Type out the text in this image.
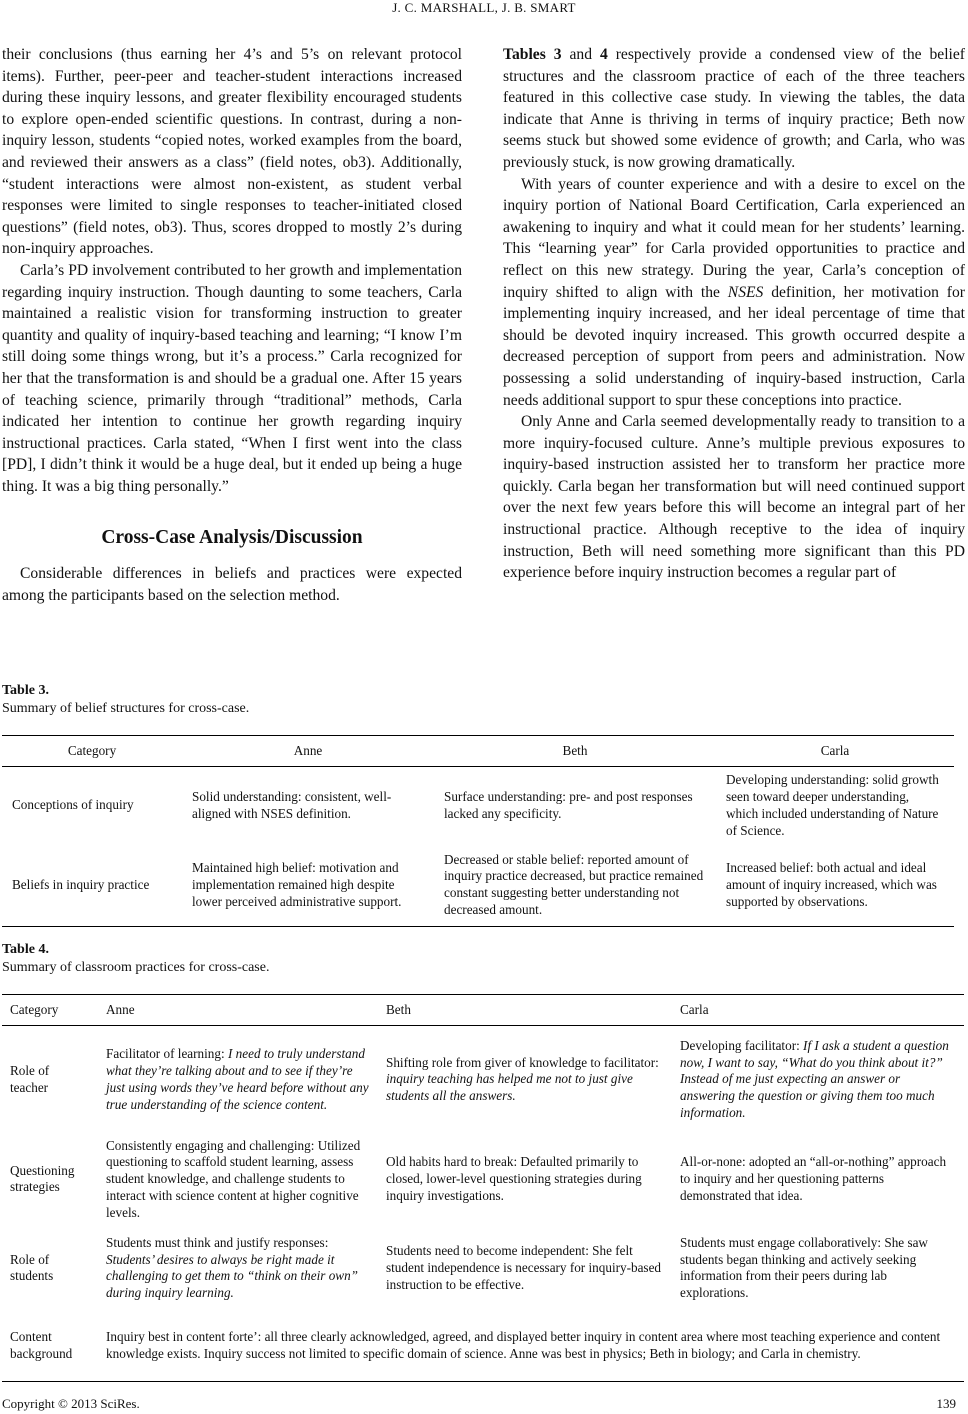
J. C. MARSHALL, J. B. SMART

their conclusions (thus earning her 4’s and 5’s on relevant protocol items). Further, peer-peer and teacher-student interactions increased during these inquiry lessons, and greater flexibility encouraged students to explore open-ended scientific questions. In contrast, during a non-inquiry lesson, students “copied notes, worked examples from the board, and reviewed their answers as a class” (field notes, ob3). Additionally, “student interactions were almost non-existent, as student verbal responses were limited to single responses to teacher-initiated closed questions” (field notes, ob3). Thus, scores dropped to mostly 2’s during non-inquiry approaches.

Carla’s PD involvement contributed to her growth and implementation regarding inquiry instruction. Though daunting to some teachers, Carla maintained a realistic vision for transforming instruction to greater quantity and quality of inquiry-based teaching and learning; “I know I’m still doing some things wrong, but it’s a process.” Carla recognized for her that the transformation is and should be a gradual one. After 15 years of teaching science, primarily through “traditional” methods, Carla indicated her intention to continue her growth regarding inquiry instructional practices. Carla stated, “When I first went into the class [PD], I didn’t think it would be a huge deal, but it ended up being a huge thing. It was a big thing personally.”

Cross-Case Analysis/Discussion

Considerable differences in beliefs and practices were expected among the participants based on the selection method.

Tables 3 and 4 respectively provide a condensed view of the belief structures and the classroom practice of each of the three teachers featured in this collective case study. In viewing the tables, the data indicate that Anne is thriving in terms of inquiry practice; Beth now seems stuck but showed some evidence of growth; and Carla, who was previously stuck, is now growing dramatically.

With years of counter experience and with a desire to excel on the inquiry portion of National Board Certification, Carla experienced an awakening to inquiry and what it could mean for her students’ learning. This “learning year” for Carla provided opportunities to practice and reflect on this new strategy. During the year, Carla’s conception of inquiry shifted to align with the NSES definition, her motivation for implementing inquiry increased, and her ideal percentage of time that should be devoted inquiry increased. This growth occurred despite a decreased perception of support from peers and administration. Now possessing a solid understanding of inquiry-based instruction, Carla needs additional support to spur these conceptions into practice.

Only Anne and Carla seemed developmentally ready to transition to a more inquiry-focused culture. Anne’s multiple previous exposures to inquiry-based instruction assisted her to transform her practice more quickly. Carla began her transformation but will need continued support over the next few years before this will become an integral part of her instructional practice. Although receptive to the idea of inquiry instruction, Beth will need something more significant than this PD experience before inquiry instruction becomes a regular part of

Table 3.
Summary of belief structures for cross-case.
Category	Anne	Beth	Carla
Conceptions of inquiry	Solid understanding: consistent, well-aligned with NSES definition.	Surface understanding: pre- and post responses lacked any specificity.	Developing understanding: solid growth seen toward deeper understanding, which included understanding of Nature of Science.
Beliefs in inquiry practice	Maintained high belief: motivation and implementation remained high despite lower perceived administrative support.	Decreased or stable belief: reported amount of inquiry practice decreased, but practice remained constant suggesting better understanding not decreased amount.	Increased belief: both actual and ideal amount of inquiry increased, which was supported by observations.
Table 4.
Summary of classroom practices for cross-case.
Category	Anne	Beth	Carla
Role of teacher	Facilitator of learning: I need to truly understand what they’re talking about and to see if they’re just using words they’ve heard before without any true understanding of the science content.	Shifting role from giver of knowledge to facilitator: inquiry teaching has helped me not to just give students all the answers.	Developing facilitator: If I ask a student a question now, I want to say, “What do you think about it?” Instead of me just expecting an answer or answering the question or giving them too much information.
Questioning strategies	Consistently engaging and challenging: Utilized questioning to scaffold student learning, assess student knowledge, and challenge students to interact with science content at higher cognitive levels.	Old habits hard to break: Defaulted primarily to closed, lower-level questioning strategies during inquiry investigations.	All-or-none: adopted an “all-or-nothing” approach to inquiry and her questioning patterns demonstrated that idea.
Role of students	Students must think and justify responses: Students’ desires to always be right made it challenging to get them to “think on their own” during inquiry learning.	Students need to become independent: She felt student independence is necessary for inquiry-based instruction to be effective.	Students must engage collaboratively: She saw students began thinking and actively seeking information from their peers during lab explorations.
Content background	Inquiry best in content forte’: all three clearly acknowledged, agreed, and displayed better inquiry in content area where most teaching experience and content knowledge exists. Inquiry success not limited to specific domain of science. Anne was best in physics; Beth in biology; and Carla in chemistry.		
Copyright © 2013 SciRes.	139
